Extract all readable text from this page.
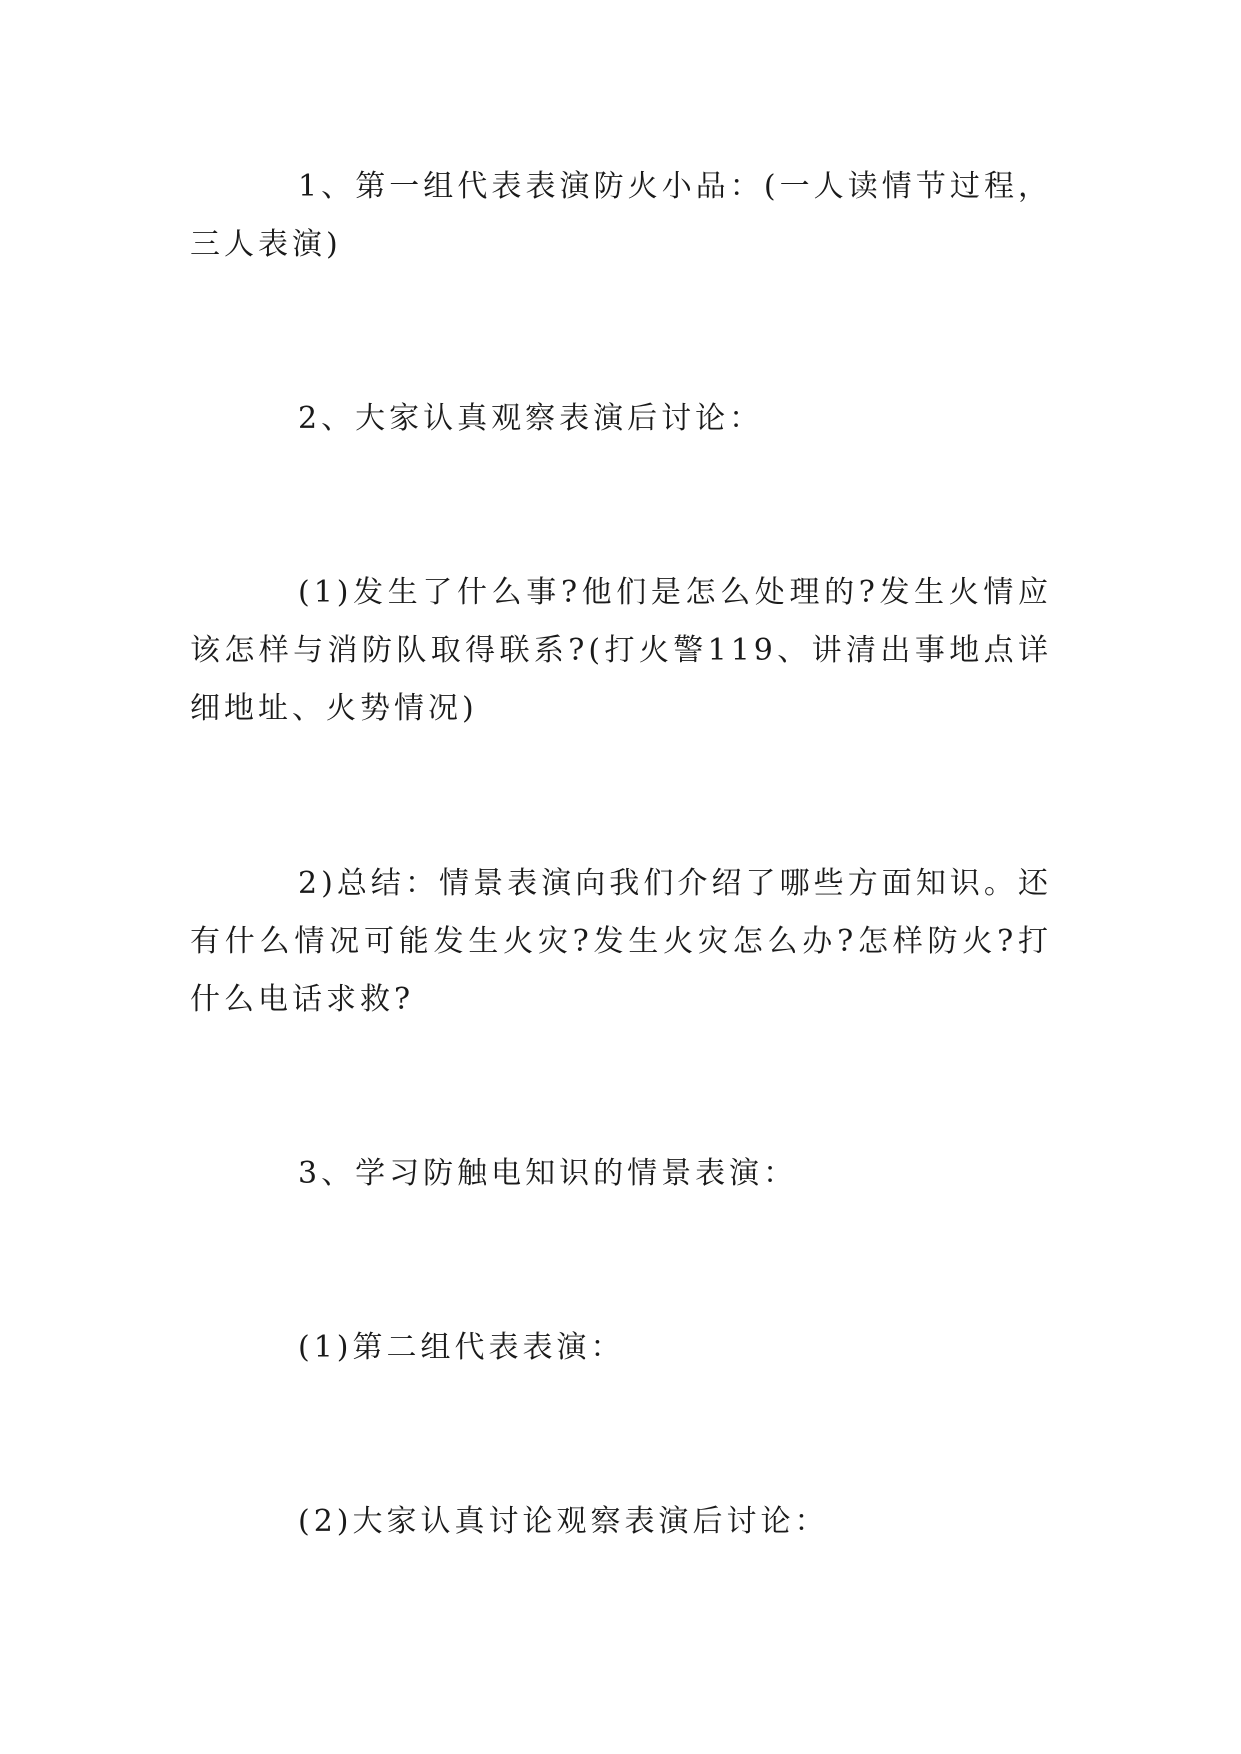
1、第一组代表表演防火小品：(一人读情节过程，三人表演)

2、大家认真观察表演后讨论：

(1)发生了什么事?他们是怎么处理的?发生火情应该怎样与消防队取得联系?(打火警119、讲清出事地点详细地址、火势情况)

2)总结：情景表演向我们介绍了哪些方面知识。还有什么情况可能发生火灾?发生火灾怎么办?怎样防火?打什么电话求救?

3、学习防触电知识的情景表演：

(1)第二组代表表演：

(2)大家认真讨论观察表演后讨论：
